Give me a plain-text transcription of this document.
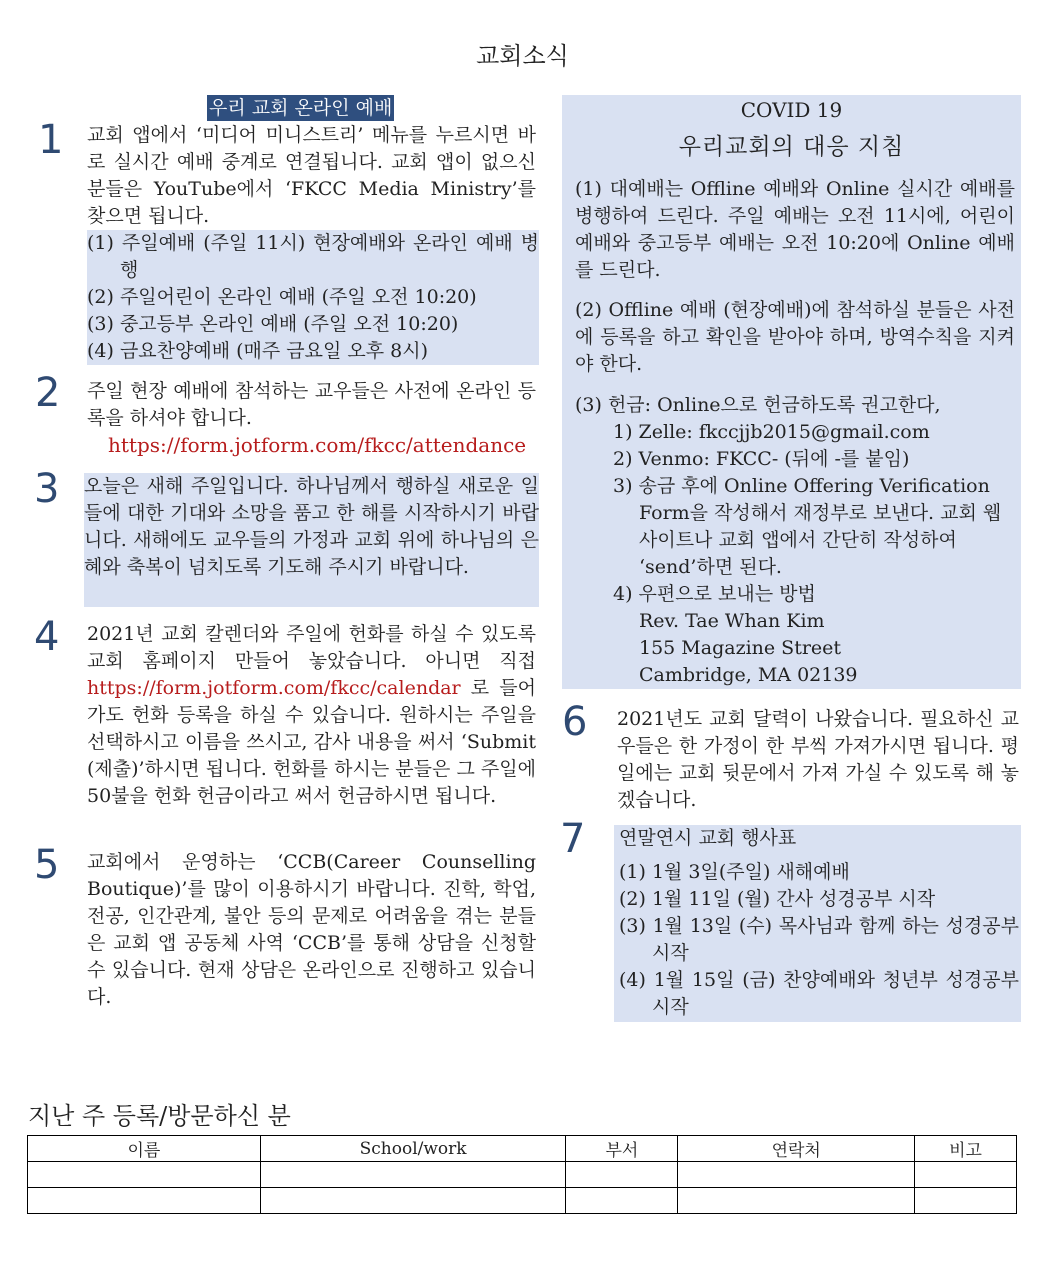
교회소식
1
우리 교회 온라인 예배
교회 앱에서 ‘미디어 미니스트리’ 메뉴를 누르시면 바로 실시간 예배 중계로 연결됩니다. 교회 앱이 없으신 분들은 YouTube에서 ‘FKCC Media Ministry’를 찾으면 됩니다.
(1) 주일예배 (주일 11시) 현장예배와 온라인 예배 병행
(2) 주일어린이 온라인 예배 (주일 오전 10:20)
(3) 중고등부 온라인 예배 (주일 오전 10:20)
(4) 금요찬양예배 (매주 금요일 오후 8시)
2 주일 현장 예배에 참석하는 교우들은 사전에 온라인 등록을 하셔야 합니다.
https://form.jotform.com/fkcc/attendance
3 오늘은 새해 주일입니다. 하나님께서 행하실 새로운 일들에 대한 기대와 소망을 품고 한 해를 시작하시기 바랍니다. 새해에도 교우들의 가정과 교회 위에 하나님의 은혜와 축복이 넘치도록 기도해 주시기 바랍니다.
4 2021년 교회 칼렌더와 주일에 헌화를 하실 수 있도록 교회 홈페이지 만들어 놓았습니다. 아니면 직접 https://form.jotform.com/fkcc/calendar 로 들어가도 헌화 등록을 하실 수 있습니다. 원하시는 주일을 선택하시고 이름을 쓰시고, 감사 내용을 써서 ‘Submit (제출)’하시면 됩니다. 헌화를 하시는 분들은 그 주일에 50불을 헌화 헌금이라고 써서 헌금하시면 됩니다.
5 교회에서 운영하는 ‘CCB(Career Counselling Boutique)’를 많이 이용하시기 바랍니다. 진학, 학업, 전공, 인간관계, 불안 등의 문제로 어려움을 겪는 분들은 교회 앱 공동체 사역 ‘CCB’를 통해 상담을 신청할 수 있습니다. 현재 상담은 온라인으로 진행하고 있습니다.
COVID 19
우리교회의 대응 지침
(1) 대예배는 Offline 예배와 Online 실시간 예배를 병행하여 드린다. 주일 예배는 오전 11시에, 어린이 예배와 중고등부 예배는 오전 10:20에 Online 예배를 드린다.
(2) Offline 예배 (현장예배)에 참석하실 분들은 사전에 등록을 하고 확인을 받아야 하며, 방역수칙을 지켜야 한다.
(3) 헌금: Online으로 헌금하도록 권고한다,
1) Zelle: fkccjjb2015@gmail.com
2) Venmo: FKCC- (뒤에 -를 붙임)
3) 송금 후에 Online Offering Verification Form을 작성해서 재정부로 보낸다. 교회 웹사이트나 교회 앱에서 간단히 작성하여 ‘send’하면 된다.
4) 우편으로 보내는 방법
Rev. Tae Whan Kim
155 Magazine Street
Cambridge, MA 02139
6 2021년도 교회 달력이 나왔습니다. 필요하신 교우들은 한 가정이 한 부씩 가져가시면 됩니다. 평일에는 교회 뒷문에서 가져 가실 수 있도록 해 놓겠습니다.
7 연말연시 교회 행사표
(1) 1월 3일(주일) 새해예배
(2) 1월 11일 (월) 간사 성경공부 시작
(3) 1월 13일 (수) 목사님과 함께 하는 성경공부 시작
(4) 1월 15일 (금) 찬양예배와 청년부 성경공부 시작
지난 주 등록/방문하신 분
이름	School/work	부서	연락처	비고
